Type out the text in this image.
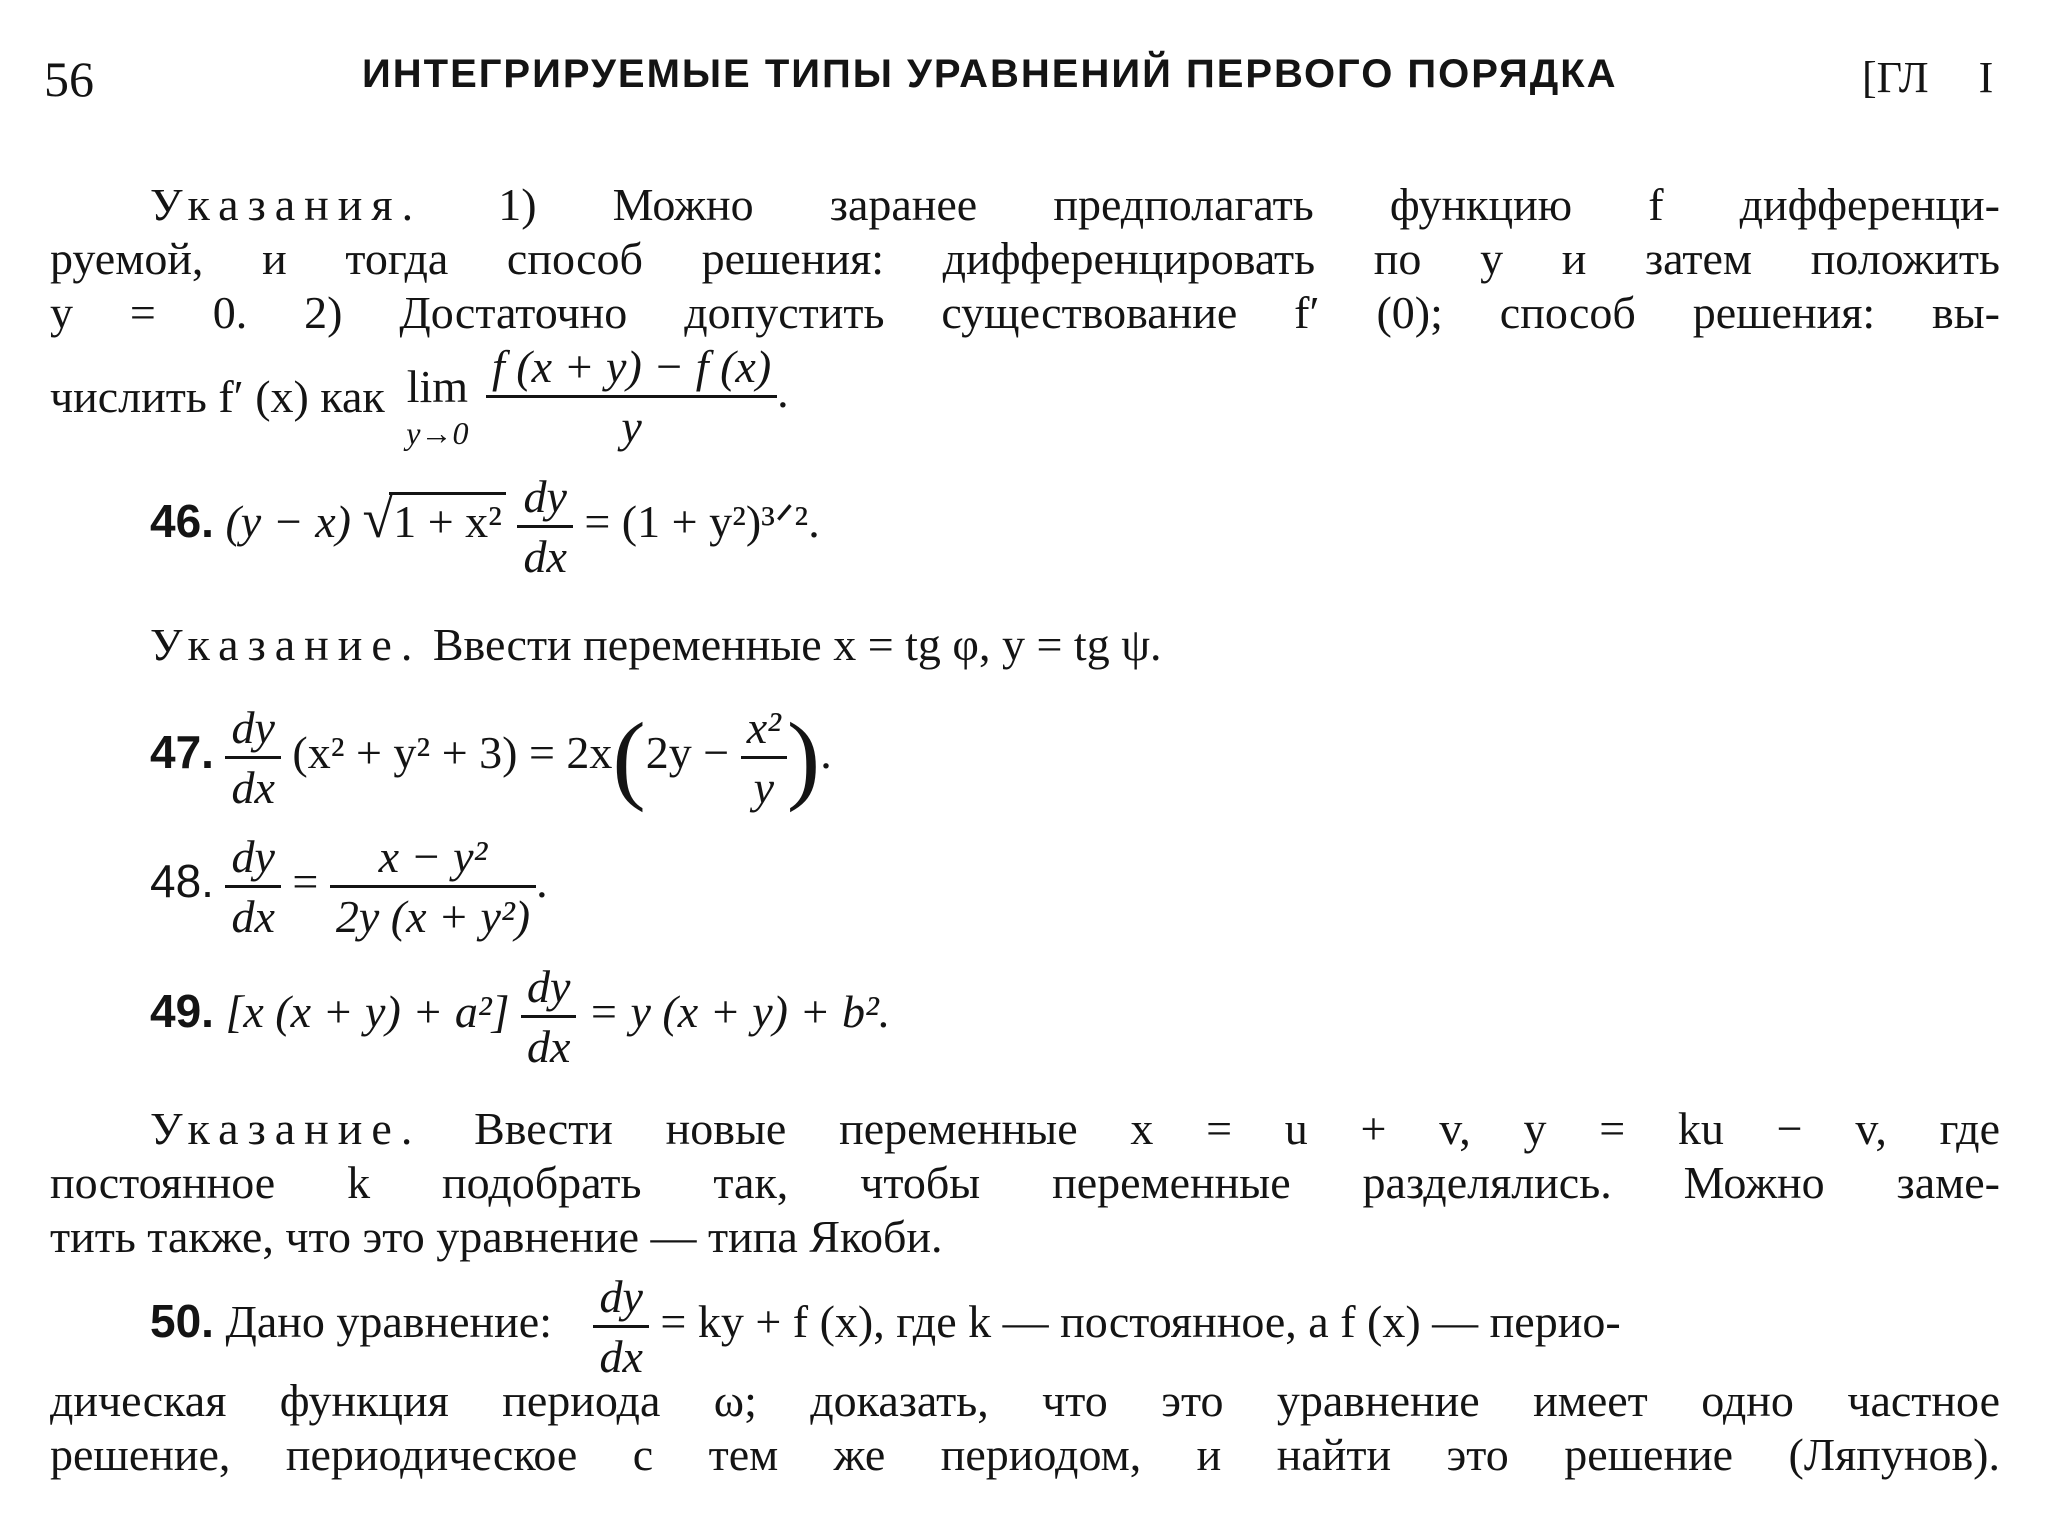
56	ИНТЕГРИРУЕМЫЕ ТИПЫ УРАВНЕНИЙ ПЕРВОГО ПОРЯДКА	[ГЛ I
Указания. 1) Можно заранее предполагать функцию f дифференци-
руемой, и тогда способ решения: дифференцировать по y и затем положить
y = 0. 2) Достаточно допустить существование f′ (0); способ решения: вы-
числить f′ (x) как lim
y→0
$\frac{f (x + y) - f (x)}{y}$ .
46. (y − x) $√1 + x^2 \frac{dy}{dx} = (1$ + y²)³ᐟ².
Указание. Ввести переменные x = tg φ, y = tg ψ.
47. $\frac{dy}{dx} (x^2 + y^2 + 3) = 2x(2y - \frac{\text{x²}}{y}$ ).
48. $\frac{dy}{dx} = \frac{\text{x − y²}}{\text{2y (x + y²)}}$ .
49. [x $(x + y) + a^2] \frac{dy}{dx} = y$ (x + y) + b².
Указание. Ввести новые переменные x = u + v, y = ku − v, где
постоянное k подобрать так, чтобы переменные разделялись. Можно заме-
тить также, что это уравнение — типа Якоби.
50. Дано уравнение: $\frac{dy}{dx}$ = ky + f (x), где k — постоянное, а f (x) — перио-
дическая функция периода ω; доказать, что это уравнение имеет одно частное
решение, периодическое с тем же периодом, и найти это решение (Ляпунов).
